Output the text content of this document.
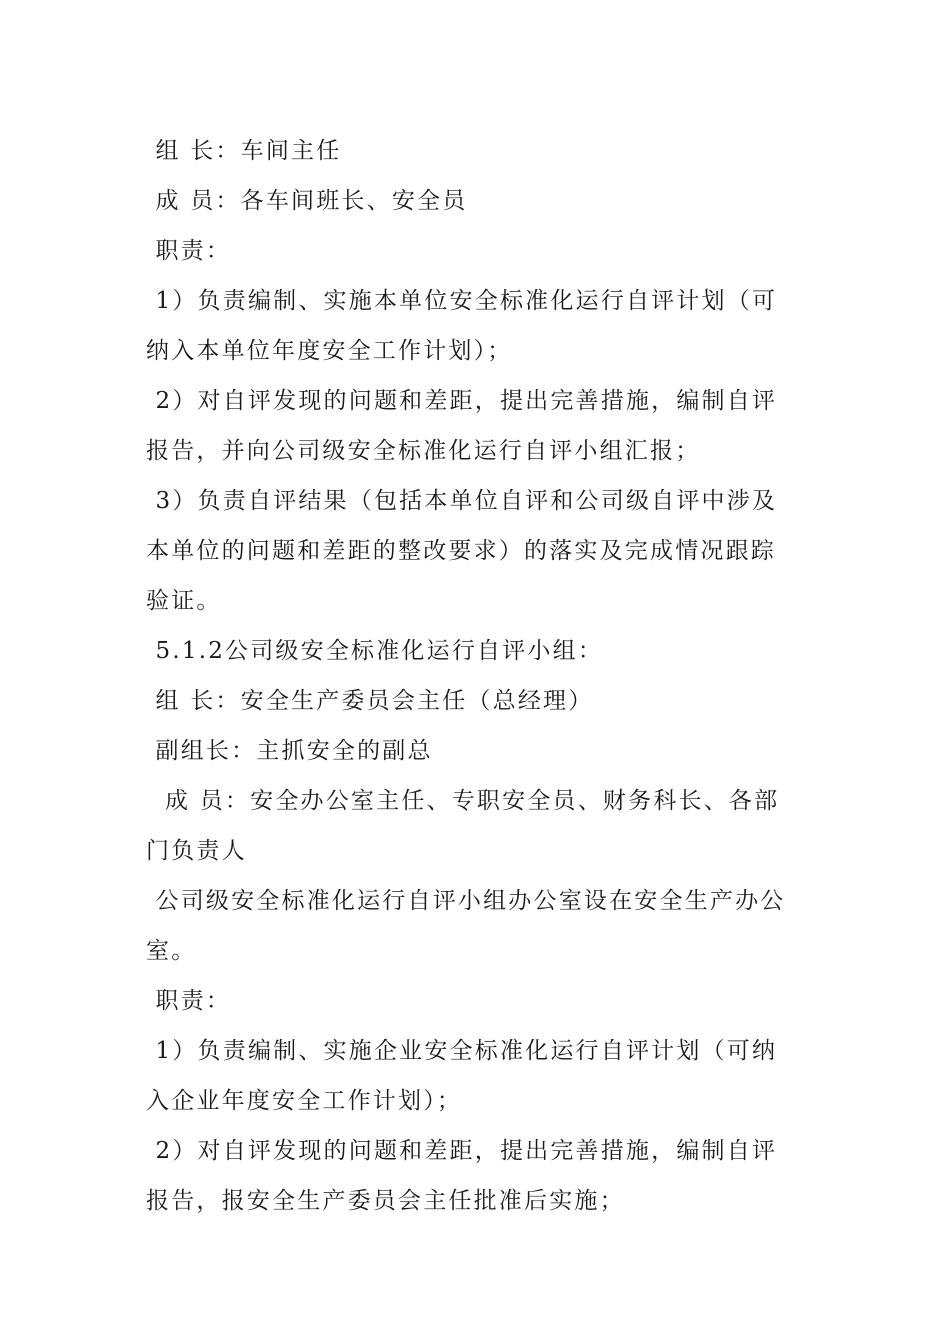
组 长：车间主任

成 员：各车间班长、安全员

职责：

1）负责编制、实施本单位安全标准化运行自评计划（可

纳入本单位年度安全工作计划）；

2）对自评发现的问题和差距，提出完善措施，编制自评

报告，并向公司级安全标准化运行自评小组汇报；

3）负责自评结果（包括本单位自评和公司级自评中涉及

本单位的问题和差距的整改要求）的落实及完成情况跟踪

验证。

5.1.2公司级安全标准化运行自评小组：

组 长：安全生产委员会主任（总经理）

副组长：主抓安全的副总

成 员：安全办公室主任、专职安全员、财务科长、各部

门负责人

公司级安全标准化运行自评小组办公室设在安全生产办公

室。

职责：

1）负责编制、实施企业安全标准化运行自评计划（可纳

入企业年度安全工作计划）；

2）对自评发现的问题和差距，提出完善措施，编制自评

报告，报安全生产委员会主任批准后实施；
